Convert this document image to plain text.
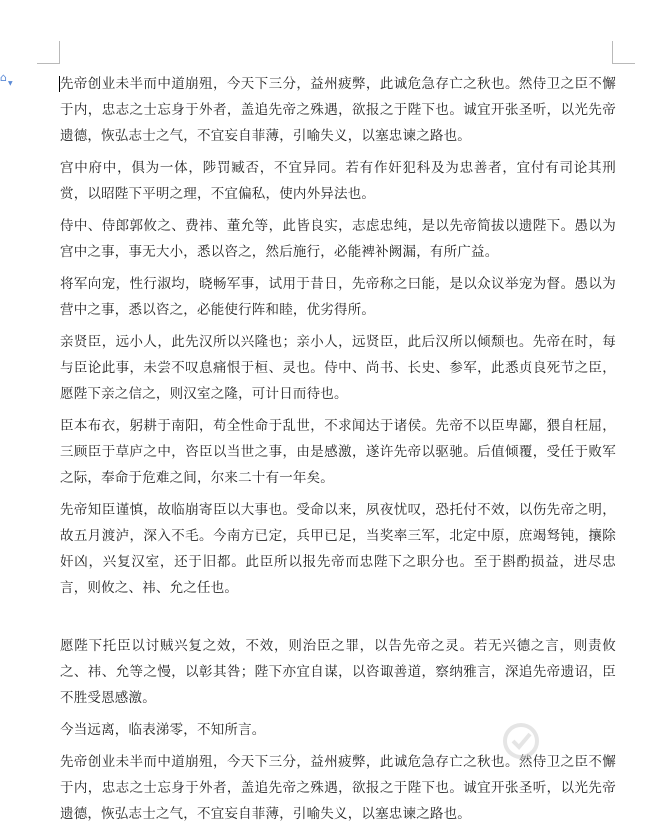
⌂ ▼	先帝创业未半而中道崩殂，今天下三分，益州疲弊，此诚危急存亡之秋也。然侍卫之臣不懈于内，忠志之士忘身于外者，盖追先帝之殊遇，欲报之于陛下也。诚宜开张圣听，以光先帝遗德，恢弘志士之气，不宜妄自菲薄，引喻失义，以塞忠谏之路也。

宫中府中，俱为一体，陟罚臧否，不宜异同。若有作奸犯科及为忠善者，宜付有司论其刑赏，以昭陛下平明之理，不宜偏私，使内外异法也。

侍中、侍郎郭攸之、费祎、董允等，此皆良实，志虑忠纯，是以先帝简拔以遗陛下。愚以为宫中之事，事无大小，悉以咨之，然后施行，必能裨补阙漏，有所广益。

将军向宠，性行淑均，晓畅军事，试用于昔日，先帝称之曰能，是以众议举宠为督。愚以为营中之事，悉以咨之，必能使行阵和睦，优劣得所。

亲贤臣，远小人，此先汉所以兴隆也；亲小人，远贤臣，此后汉所以倾颓也。先帝在时，每与臣论此事，未尝不叹息痛恨于桓、灵也。侍中、尚书、长史、参军，此悉贞良死节之臣，愿陛下亲之信之，则汉室之隆，可计日而待也。

臣本布衣，躬耕于南阳，苟全性命于乱世，不求闻达于诸侯。先帝不以臣卑鄙，猥自枉屈，三顾臣于草庐之中，咨臣以当世之事，由是感激，遂许先帝以驱驰。后值倾覆，受任于败军之际，奉命于危难之间，尔来二十有一年矣。

先帝知臣谨慎，故临崩寄臣以大事也。受命以来，夙夜忧叹，恐托付不效，以伤先帝之明，故五月渡泸，深入不毛。今南方已定，兵甲已足，当奖率三军，北定中原，庶竭驽钝，攘除奸凶，兴复汉室，还于旧都。此臣所以报先帝而忠陛下之职分也。至于斟酌损益，进尽忠言，则攸之、祎、允之任也。

愿陛下托臣以讨贼兴复之效，不效，则治臣之罪，以告先帝之灵。若无兴德之言，则责攸之、祎、允等之慢，以彰其咎；陛下亦宜自谋，以咨诹善道，察纳雅言，深追先帝遗诏，臣不胜受恩感激。

今当远离，临表涕零，不知所言。

先帝创业未半而中道崩殂，今天下三分，益州疲弊，此诚危急存亡之秋也。然侍卫之臣不懈于内，忠志之士忘身于外者，盖追先帝之殊遇，欲报之于陛下也。诚宜开张圣听，以光先帝遗德，恢弘志士之气，不宜妄自菲薄，引喻失义，以塞忠谏之路也。
